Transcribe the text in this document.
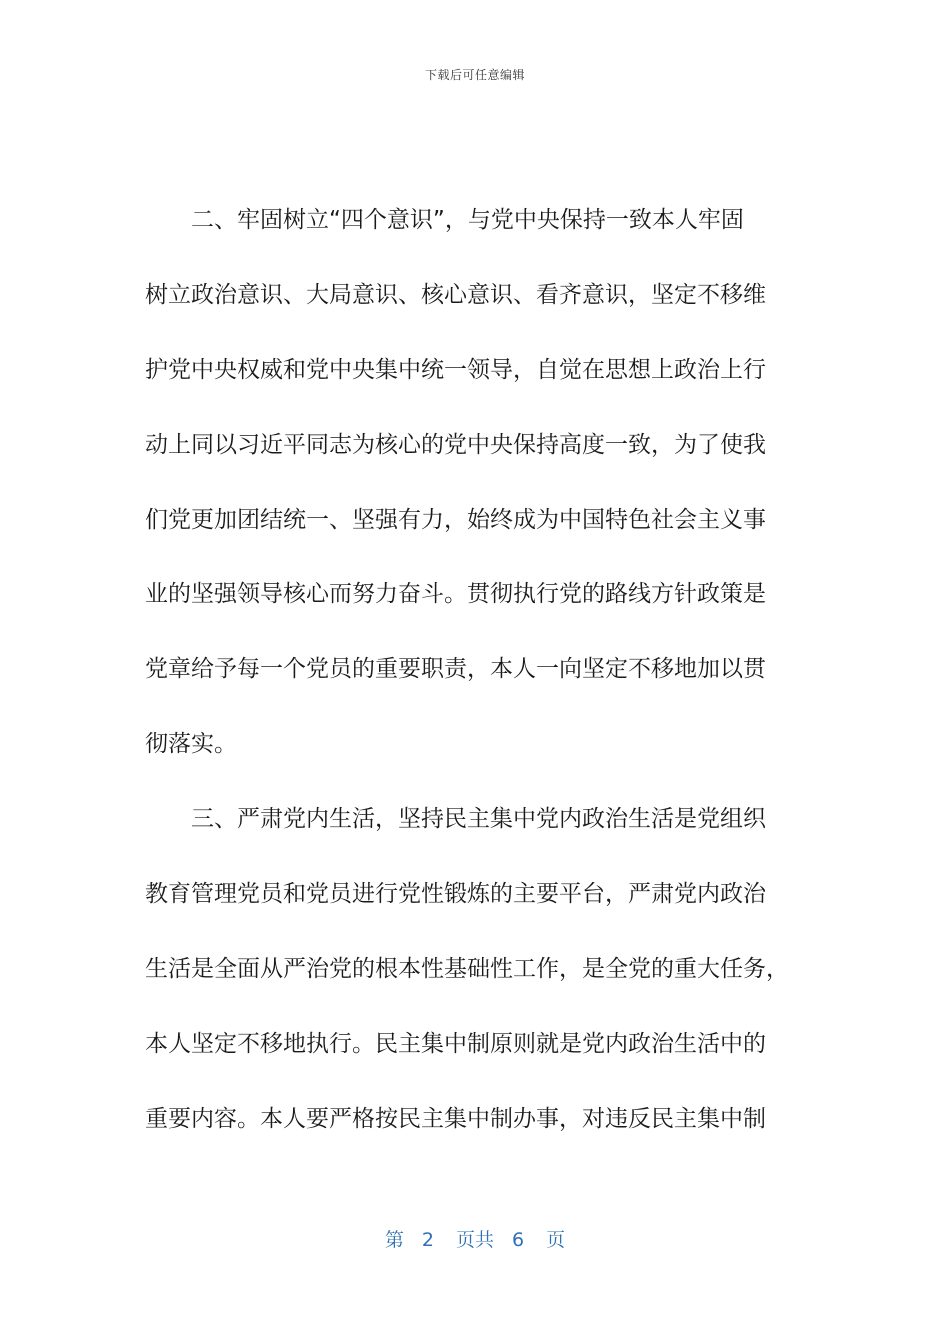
下载后可任意编辑
二、牢固树立“四个意识”，与党中央保持一致本人牢固
树立政治意识、大局意识、核心意识、看齐意识，坚定不移维
护党中央权威和党中央集中统一领导，自觉在思想上政治上行
动上同以习近平同志为核心的党中央保持高度一致，为了使我
们党更加团结统一、坚强有力，始终成为中国特色社会主义事
业的坚强领导核心而努力奋斗。贯彻执行党的路线方针政策是
党章给予每一个党员的重要职责，本人一向坚定不移地加以贯
彻落实。
三、严肃党内生活，坚持民主集中党内政治生活是党组织
教育管理党员和党员进行党性锻炼的主要平台，严肃党内政治
生活是全面从严治党的根本性基础性工作，是全党的重大任务，
本人坚定不移地执行。民主集中制原则就是党内政治生活中的
重要内容。本人要严格按民主集中制办事，对违反民主集中制
第 2 页共 6 页
